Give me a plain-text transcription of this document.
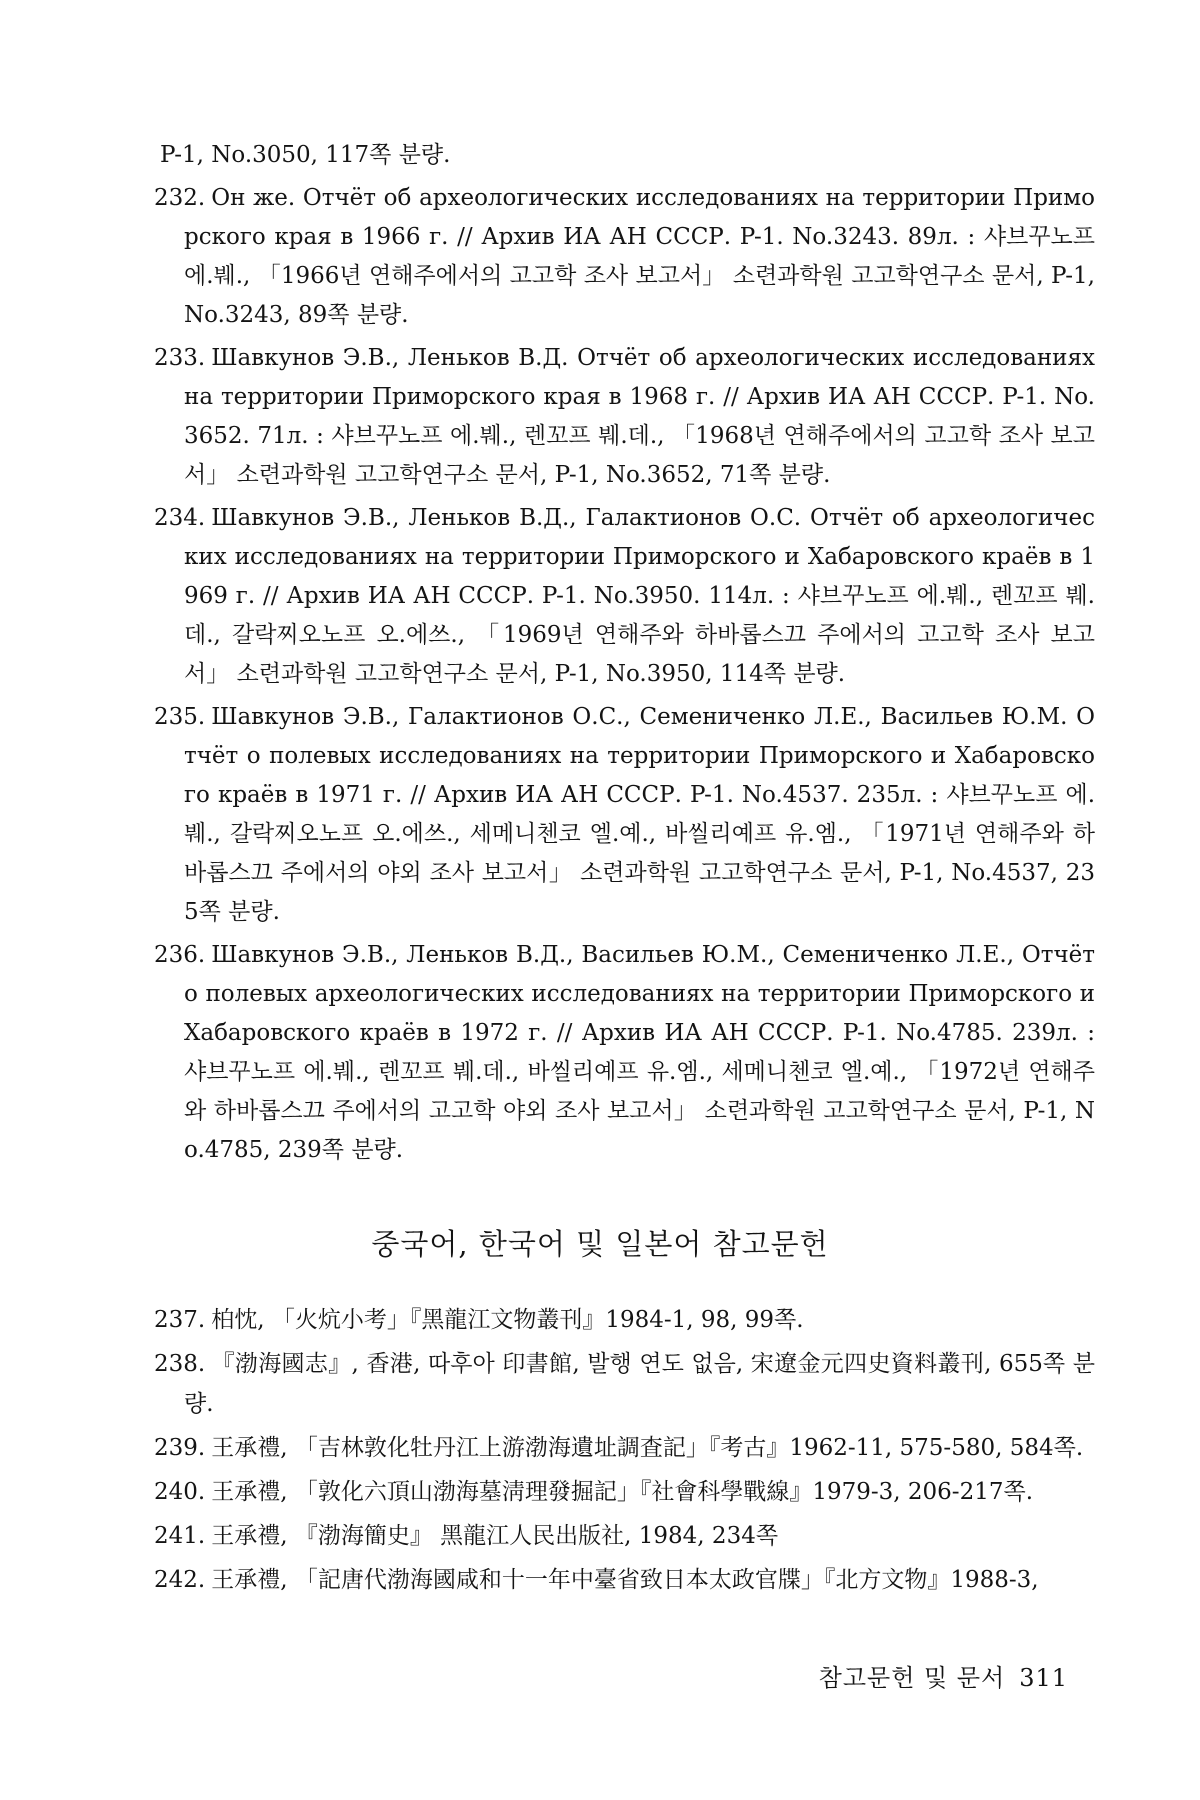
P-1, No.3050, 117쪽 분량.
232. Он же. Отчёт об археологических исследованиях на территории Приморского края в 1966 г. // Архив ИА АН СССР. P-1. No.3243. 89л. : 샤브꾸노프 에.붸., 「1966년 연해주에서의 고고학 조사 보고서」 소련과학원 고고학연구소 문서, P-1, No.3243, 89쪽 분량.
233. Шавкунов Э.В., Леньков В.Д. Отчёт об археологических исследованиях на территории Приморского края в 1968 г. // Архив ИА АН СССР. P-1. No.3652. 71л. : 샤브꾸노프 에.붸., 렌꼬프 붸.데., 「1968년 연해주에서의 고고학 조사 보고서」 소련과학원 고고학연구소 문서, P-1, No.3652, 71쪽 분량.
234. Шавкунов Э.В., Леньков В.Д., Галактионов О.С. Отчёт об археологических исследованиях на территории Приморского и Хабаровского краёв в 1969 г. // Архив ИА АН СССР. P-1. No.3950. 114л. : 샤브꾸노프 에.붸., 렌꼬프 붸.데., 갈락찌오노프 오.에쓰., 「1969년 연해주와 하바롭스끄 주에서의 고고학 조사 보고서」 소련과학원 고고학연구소 문서, P-1, No.3950, 114쪽 분량.
235. Шавкунов Э.В., Галактионов О.С., Семениченко Л.Е., Васильев Ю.М. Отчёт о полевых исследованиях на территории Приморского и Хабаровского краёв в 1971 г. // Архив ИА АН СССР. P-1. No.4537. 235л. : 샤브꾸노프 에.붸., 갈락찌오노프 오.에쓰., 세메니첸코 엘.예., 바씰리예프 유.엠., 「1971년 연해주와 하바롭스끄 주에서의 야외 조사 보고서」 소련과학원 고고학연구소 문서, P-1, No.4537, 235쪽 분량.
236. Шавкунов Э.В., Леньков В.Д., Васильев Ю.М., Семениченко Л.Е., Отчёт о полевых археологических исследованиях на территории Приморского и Хабаровского краёв в 1972 г. // Архив ИА АН СССР. P-1. No.4785. 239л. : 샤브꾸노프 에.붸., 렌꼬프 붸.데., 바씰리예프 유.엠., 세메니첸코 엘.예., 「1972년 연해주와 하바롭스끄 주에서의 고고학 야외 조사 보고서」 소련과학원 고고학연구소 문서, P-1, No.4785, 239쪽 분량.
중국어, 한국어 및 일본어 참고문헌
237. 柏忱, 「火炕小考」『黑龍江文物叢刊』1984-1, 98, 99쪽.
238. 『渤海國志』, 香港, 따후아 印書館, 발행 연도 없음, 宋遼金元四史資料叢刊, 655쪽 분량.
239. 王承禮, 「吉林敦化牡丹江上游渤海遺址調査記」『考古』1962-11, 575-580, 584쪽.
240. 王承禮, 「敦化六頂山渤海墓淸理發掘記」『社會科學戰線』1979-3, 206-217쪽.
241. 王承禮, 『渤海簡史』 黑龍江人民出版社, 1984, 234쪽
242. 王承禮, 「記唐代渤海國咸和十一年中臺省致日本太政官牒」『北方文物』1988-3,
참고문헌 및 문서 311
